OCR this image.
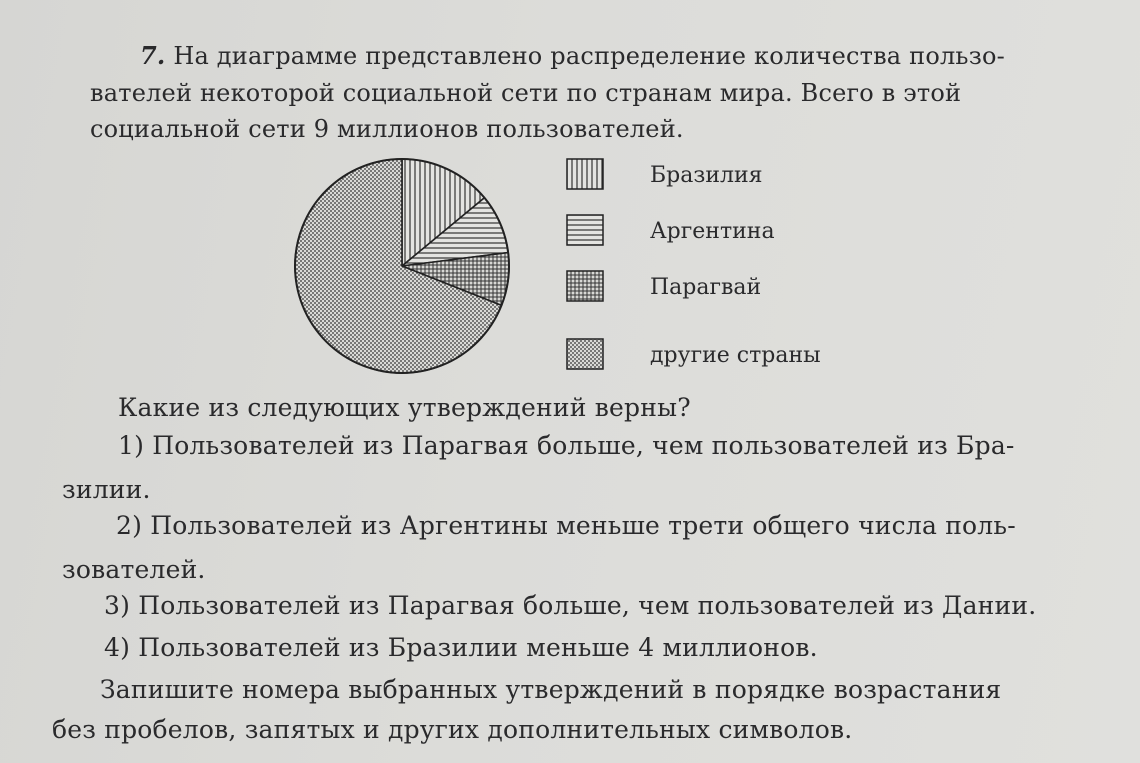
7. На диаграмме представлено распределение количества пользо-
вателей некоторой социальной сети по странам мира. Всего в этой
социальной сети 9 миллионов пользователей.
Бразилия
Аргентина
Парагвай
другие страны
Какие из следующих утверждений верны?
1) Пользователей из Парагвая больше, чем пользователей из Бра-
зилии.
2) Пользователей из Аргентины меньше трети общего числа поль-
зователей.
3) Пользователей из Парагвая больше, чем пользователей из Дании.
4) Пользователей из Бразилии меньше 4 миллионов.
Запишите номера выбранных утверждений в порядке возрастания
без пробелов, запятых и других дополнительных символов.
